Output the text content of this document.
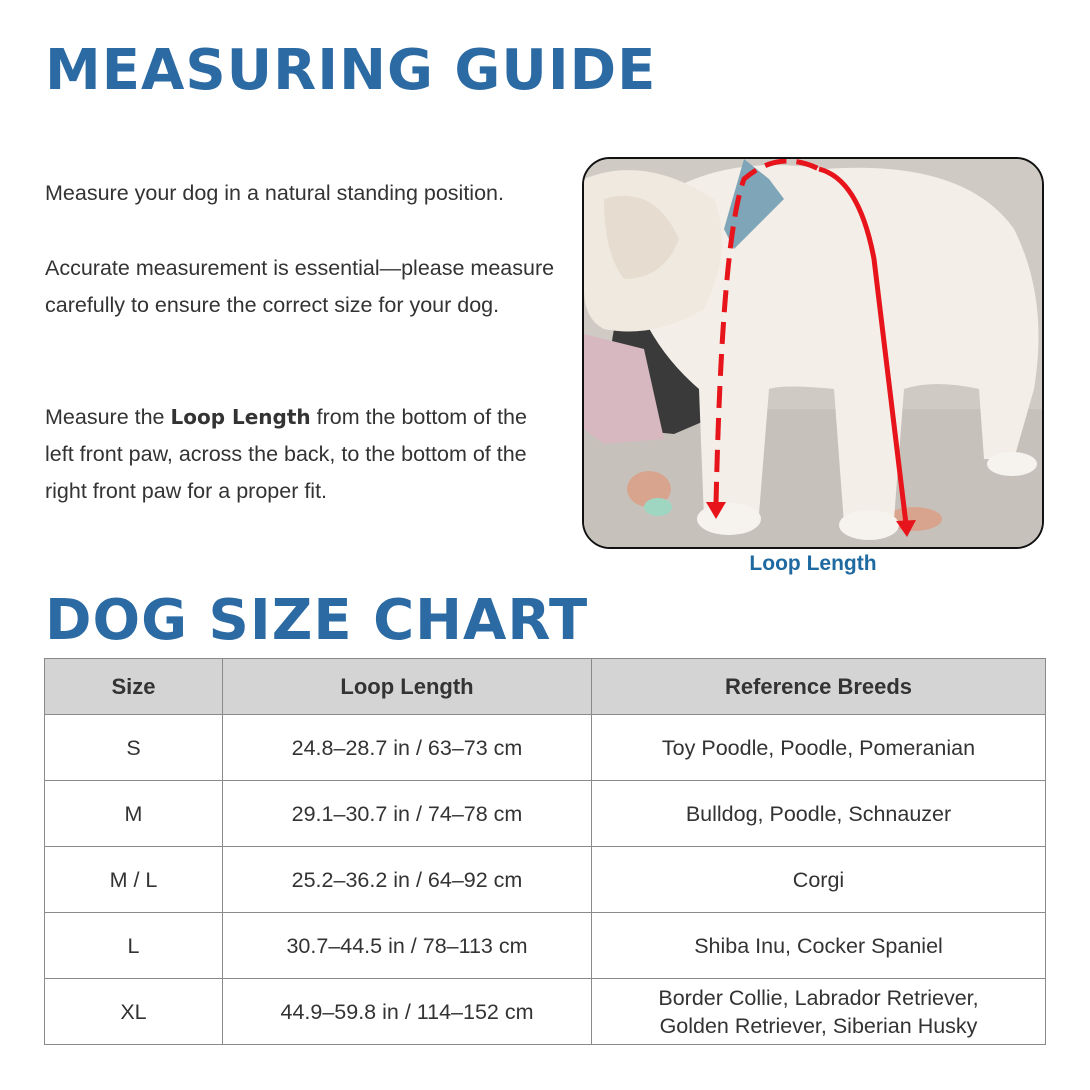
MEASURING GUIDE

Measure your dog in a natural standing position.

Accurate measurement is essential—please measure carefully to ensure the correct size for your dog.

Measure the Loop Length from the bottom of the left front paw, across the back, to the bottom of the right front paw for a proper fit.

Loop Length
DOG SIZE CHART
Size	Loop Length	Reference Breeds
S	24.8–28.7 in / 63–73 cm	Toy Poodle, Poodle, Pomeranian
M	29.1–30.7 in / 74–78 cm	Bulldog, Poodle, Schnauzer
M / L	25.2–36.2 in / 64–92 cm	Corgi
L	30.7–44.5 in / 78–113 cm	Shiba Inu, Cocker Spaniel
XL	44.9–59.8 in / 114–152 cm	Border Collie, Labrador Retriever,
Golden Retriever, Siberian Husky
